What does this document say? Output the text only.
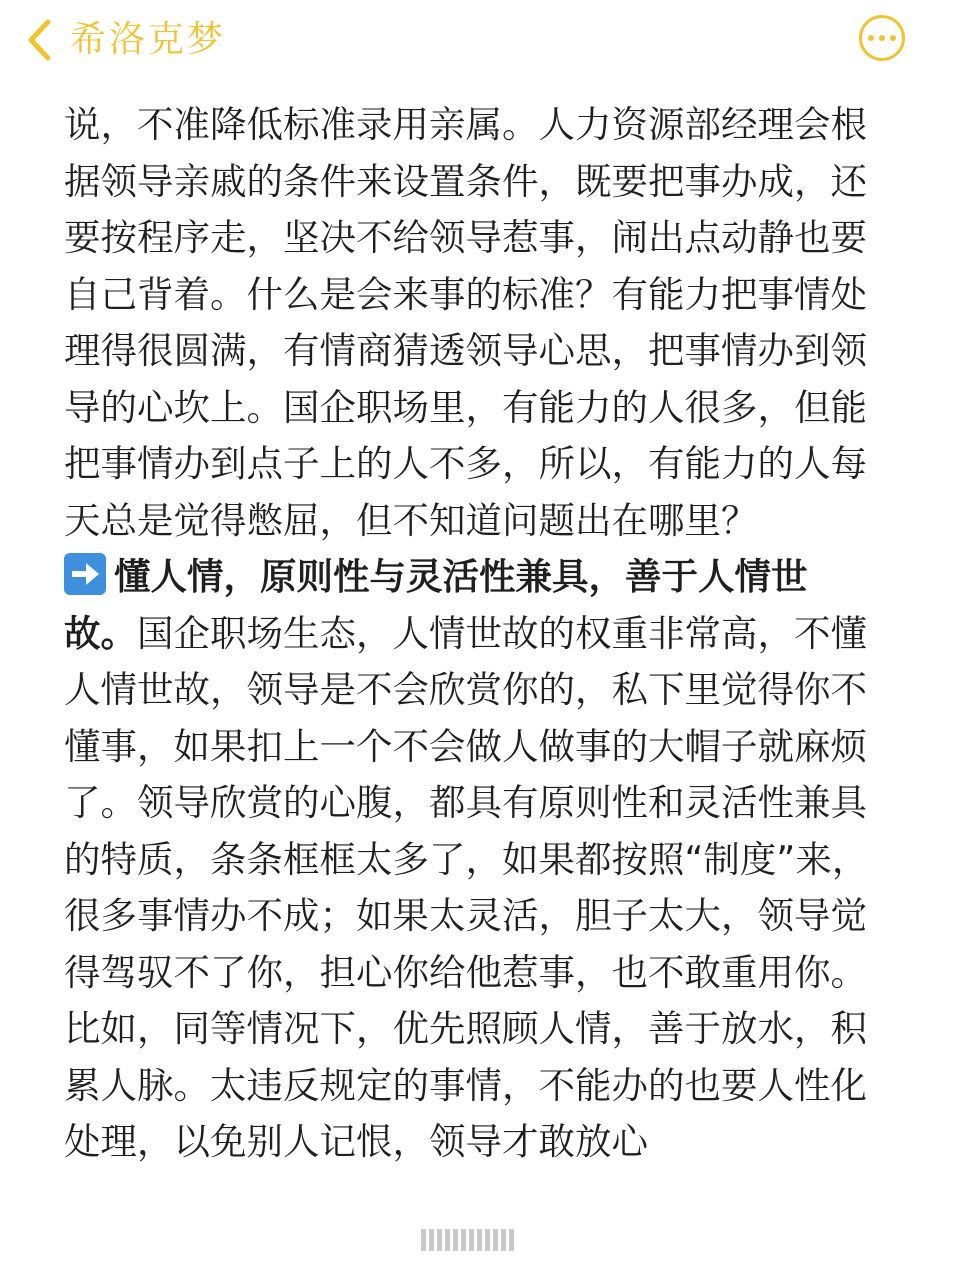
希洛克梦

说，不准降低标准录用亲属。人力资源部经理会根据领导亲戚的条件来设置条件，既要把事办成，还要按程序走，坚决不给领导惹事，闹出点动静也要自己背着。什么是会来事的标准？有能力把事情处理得很圆满，有情商猜透领导心思，把事情办到领导的心坎上。国企职场里，有能力的人很多，但能把事情办到点子上的人不多，所以，有能力的人每天总是觉得憋屈，但不知道问题出在哪里？

懂人情，原则性与灵活性兼具，善于人情世故。国企职场生态，人情世故的权重非常高，不懂人情世故，领导是不会欣赏你的，私下里觉得你不懂事，如果扣上一个不会做人做事的大帽子就麻烦了。领导欣赏的心腹，都具有原则性和灵活性兼具的特质，条条框框太多了，如果都按照“制度”来，很多事情办不成；如果太灵活，胆子太大，领导觉得驾驭不了你，担心你给他惹事，也不敢重用你。比如，同等情况下，优先照顾人情，善于放水，积累人脉。太违反规定的事情，不能办的也要人性化处理，以免别人记恨，领导才敢放心
